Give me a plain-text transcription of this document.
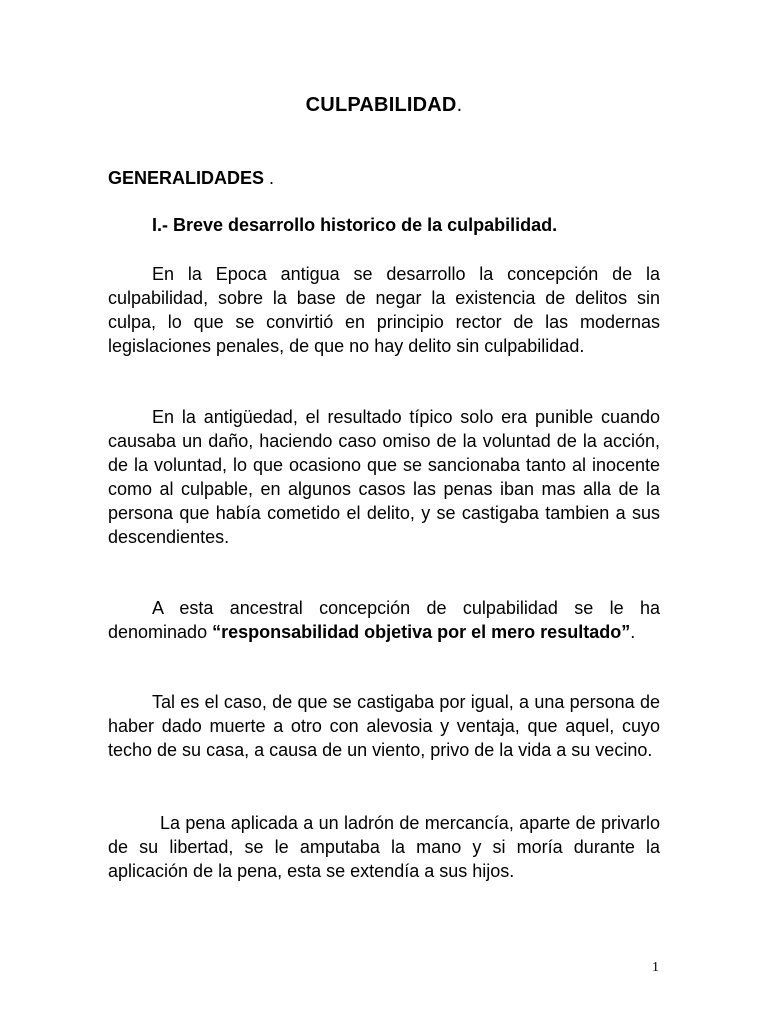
CULPABILIDAD.
GENERALIDADES .
I.- Breve desarrollo historico de la culpabilidad.

En la Epoca antigua se desarrollo la concepción de la culpabilidad, sobre la base de negar la existencia de delitos sin culpa, lo que se convirtió en principio rector de las modernas legislaciones penales, de que no hay delito sin culpabilidad.

En la antigüedad, el resultado típico solo era punible cuando causaba un daño, haciendo caso omiso de la voluntad de la acción, de la voluntad, lo que ocasiono que se sancionaba tanto al inocente como al culpable, en algunos casos las penas iban mas alla de la persona que había cometido el delito, y se castigaba tambien a sus descendientes.

A esta ancestral concepción de culpabilidad se le ha denominado “responsabilidad objetiva por el mero resultado”.

Tal es el caso, de que se castigaba por igual, a una persona de haber dado muerte a otro con alevosia y ventaja, que aquel, cuyo techo de su casa, a causa de un viento, privo de la vida a su vecino.

La pena aplicada a un ladrón de mercancía, aparte de privarlo de su libertad, se le amputaba la mano y si moría durante la aplicación de la pena, esta se extendía a sus hijos.

1
